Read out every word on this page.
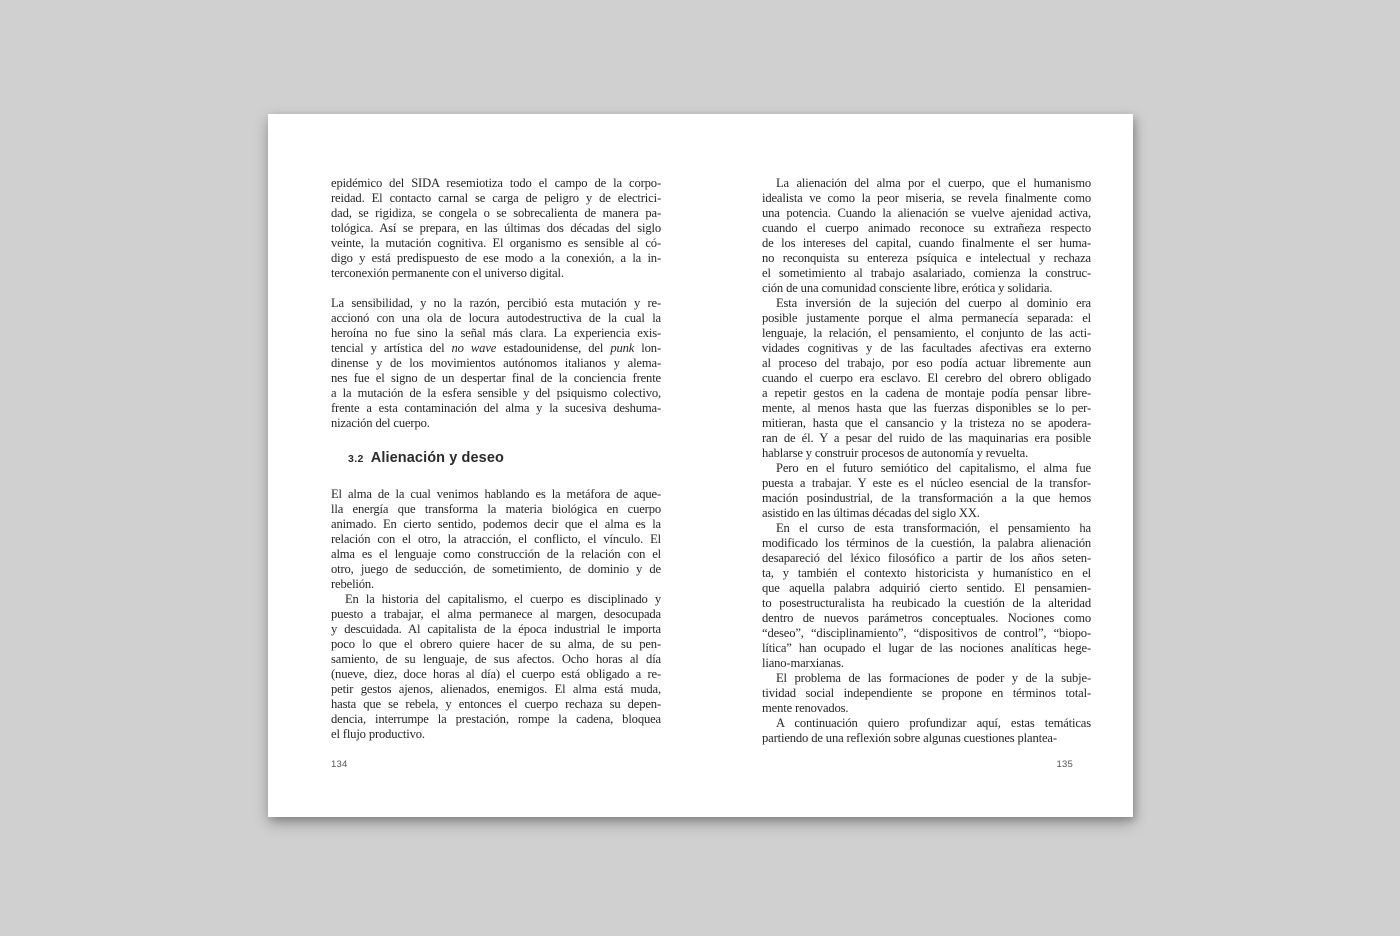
epidémico del SIDA resemiotiza todo el campo de la corpo-
reidad. El contacto carnal se carga de peligro y de electrici-
dad, se rigidiza, se congela o se sobrecalienta de manera pa-
tológica. Así se prepara, en las últimas dos décadas del siglo
veinte, la mutación cognitiva. El organismo es sensible al có-
digo y está predispuesto de ese modo a la conexión, a la in-
terconexión permanente con el universo digital.
La sensibilidad, y no la razón, percibió esta mutación y re-
accionó con una ola de locura autodestructiva de la cual la
heroína no fue sino la señal más clara. La experiencia exis-
tencial y artística del no wave estadounidense, del punk lon-
dinense y de los movimientos autónomos italianos y alema-
nes fue el signo de un despertar final de la conciencia frente
a la mutación de la esfera sensible y del psiquismo colectivo,
frente a esta contaminación del alma y la sucesiva deshuma-
nización del cuerpo.
3.2 Alienación y deseo
El alma de la cual venimos hablando es la metáfora de aque-
lla energía que transforma la materia biológica en cuerpo
animado. En cierto sentido, podemos decir que el alma es la
relación con el otro, la atracción, el conflicto, el vínculo. El
alma es el lenguaje como construcción de la relación con el
otro, juego de seducción, de sometimiento, de dominio y de
rebelión.
En la historia del capitalismo, el cuerpo es disciplinado y
puesto a trabajar, el alma permanece al margen, desocupada
y descuidada. Al capitalista de la época industrial le importa
poco lo que el obrero quiere hacer de su alma, de su pen-
samiento, de su lenguaje, de sus afectos. Ocho horas al día
(nueve, diez, doce horas al día) el cuerpo está obligado a re-
petir gestos ajenos, alienados, enemigos. El alma está muda,
hasta que se rebela, y entonces el cuerpo rechaza su depen-
dencia, interrumpe la prestación, rompe la cadena, bloquea
el flujo productivo.
La alienación del alma por el cuerpo, que el humanismo
idealista ve como la peor miseria, se revela finalmente como
una potencia. Cuando la alienación se vuelve ajenidad activa,
cuando el cuerpo animado reconoce su extrañeza respecto
de los intereses del capital, cuando finalmente el ser huma-
no reconquista su entereza psíquica e intelectual y rechaza
el sometimiento al trabajo asalariado, comienza la construc-
ción de una comunidad consciente libre, erótica y solidaria.
Esta inversión de la sujeción del cuerpo al dominio era
posible justamente porque el alma permanecía separada: el
lenguaje, la relación, el pensamiento, el conjunto de las acti-
vidades cognitivas y de las facultades afectivas era externo
al proceso del trabajo, por eso podía actuar libremente aun
cuando el cuerpo era esclavo. El cerebro del obrero obligado
a repetir gestos en la cadena de montaje podía pensar libre-
mente, al menos hasta que las fuerzas disponibles se lo per-
mitieran, hasta que el cansancio y la tristeza no se apodera-
ran de él. Y a pesar del ruido de las maquinarias era posible
hablarse y construir procesos de autonomía y revuelta.
Pero en el futuro semiótico del capitalismo, el alma fue
puesta a trabajar. Y este es el núcleo esencial de la transfor-
mación posindustrial, de la transformación a la que hemos
asistido en las últimas décadas del siglo XX.
En el curso de esta transformación, el pensamiento ha
modificado los términos de la cuestión, la palabra alienación
desapareció del léxico filosófico a partir de los años seten-
ta, y también el contexto historicista y humanístico en el
que aquella palabra adquirió cierto sentido. El pensamien-
to posestructuralista ha reubicado la cuestión de la alteridad
dentro de nuevos parámetros conceptuales. Nociones como
“deseo”, “disciplinamiento”, “dispositivos de control”, “biopo-
lítica” han ocupado el lugar de las nociones analíticas hege-
liano-marxianas.
El problema de las formaciones de poder y de la subje-
tividad social independiente se propone en términos total-
mente renovados.
A continuación quiero profundizar aquí, estas temáticas
partiendo de una reflexión sobre algunas cuestiones plantea-
134	135
